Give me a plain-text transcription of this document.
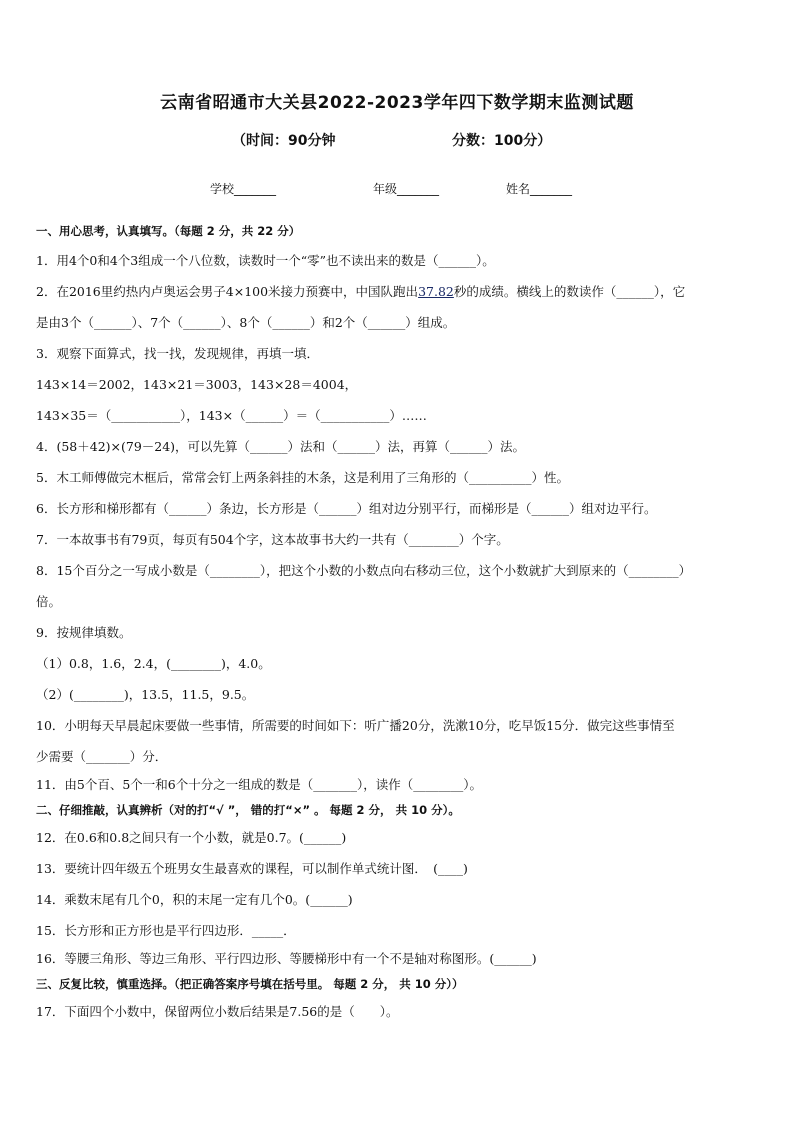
云南省昭通市大关县2022-2023学年四下数学期末监测试题
（时间：90分钟	分数：100分）
学校_______	年级_______	姓名_______
一、用心思考，认真填写。（每题 2 分，共 22 分）
1．用4个0和4个3组成一个八位数，读数时一个“零”也不读出来的数是（______）。
2．在2016里约热内卢奥运会男子4×100米接力预赛中，中国队跑出37.82秒的成绩。横线上的数读作（______），它
是由3个（______）、7个（______）、8个（______）和2个（______）组成。
3．观察下面算式，找一找，发现规律，再填一填．
143×14＝2002，143×21＝3003，143×28＝4004，
143×35＝（___________），143×（______）＝（___________）……
4．(58＋42)×(79－24)，可以先算（______）法和（______）法，再算（______）法。
5．木工师傅做完木框后，常常会钉上两条斜挂的木条，这是利用了三角形的（__________）性。
6．长方形和梯形都有（______）条边，长方形是（______）组对边分别平行，而梯形是（______）组对边平行。
7．一本故事书有79页，每页有504个字，这本故事书大约一共有（________）个字。
8．15个百分之一写成小数是（________），把这个小数的小数点向右移动三位，这个小数就扩大到原来的（________）
倍。
9．按规律填数。
（1）0.8，1.6，2.4，(________)，4.0。
（2）(________)，13.5，11.5，9.5。
10．小明每天早晨起床要做一些事情，所需要的时间如下：听广播20分，洗漱10分，吃早饭15分．做完这些事情至
少需要（_______）分．
11．由5个百、5个一和6个十分之一组成的数是（_______），读作（________）。
二、仔细推敲，认真辨析（对的打“√ ”， 错的打“×” 。 每题 2 分， 共 10 分）。
12．在0.6和0.8之间只有一个小数，就是0.7。(______)
13．要统计四年级五个班男女生最喜欢的课程，可以制作单式统计图．　(____)
14．乘数末尾有几个0，积的末尾一定有几个0。(______)
15．长方形和正方形也是平行四边形．_____．
16．等腰三角形、等边三角形、平行四边形、等腰梯形中有一个不是轴对称图形。(______)
三、反复比较，慎重选择。（把正确答案序号填在括号里。 每题 2 分， 共 10 分））
17．下面四个小数中，保留两位小数后结果是7.56的是（　　）。
